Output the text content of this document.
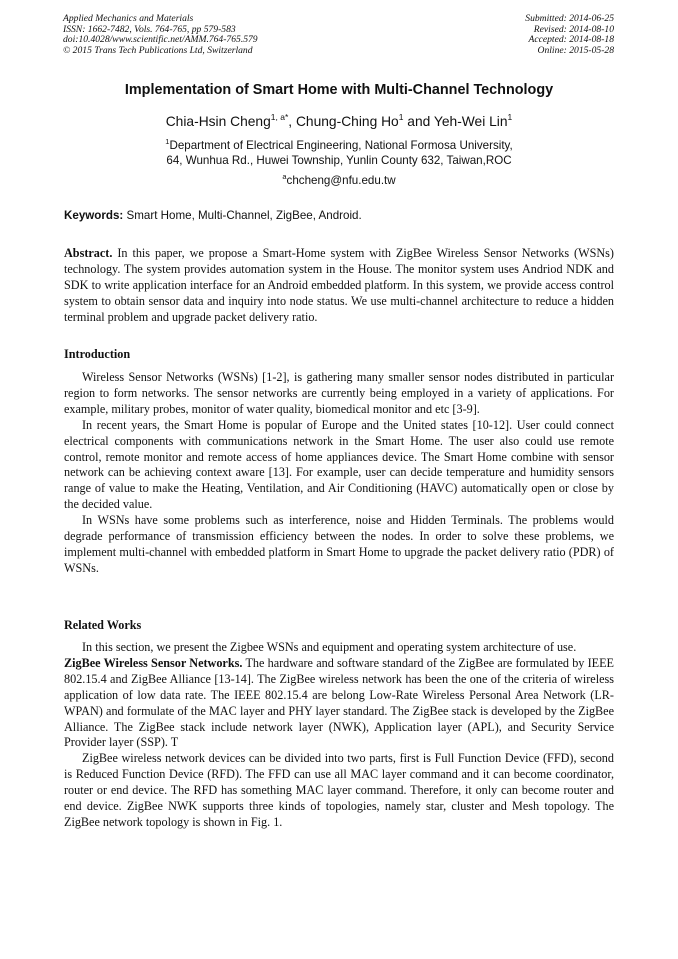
Applied Mechanics and Materials
ISSN: 1662-7482, Vols. 764-765, pp 579-583
doi:10.4028/www.scientific.net/AMM.764-765.579
© 2015 Trans Tech Publications Ltd, Switzerland
Submitted: 2014-06-25
Revised: 2014-08-10
Accepted: 2014-08-18
Online: 2015-05-28
Implementation of Smart Home with Multi-Channel Technology
Chia-Hsin Cheng$^{1, a*}$, Chung-Ching Ho$^1$ and Yeh-Wei Lin$^1$
$^1$Department of Electrical Engineering, National Formosa University,
64, Wunhua Rd., Huwei Township, Yunlin County 632, Taiwan,ROC
$^a$chcheng@nfu.edu.tw
Keywords: Smart Home, Multi-Channel, ZigBee, Android.

Abstract. In this paper, we propose a Smart-Home system with ZigBee Wireless Sensor Networks (WSNs) technology. The system provides automation system in the House. The monitor system uses Andriod NDK and SDK to write application interface for an Android embedded platform. In this system, we provide access control system to obtain sensor data and inquiry into node status. We use multi-channel architecture to reduce a hidden terminal problem and upgrade packet delivery ratio.

Introduction

Wireless Sensor Networks (WSNs) [1-2], is gathering many smaller sensor nodes distributed in particular region to form networks. The sensor networks are currently being employed in a variety of applications. For example, military probes, monitor of water quality, biomedical monitor and etc [3-9].

In recent years, the Smart Home is popular of Europe and the United states [10-12]. User could connect electrical components with communications network in the Smart Home. The user also could use remote control, remote monitor and remote access of home appliances device. The Smart Home combine with sensor network can be achieving context aware [13]. For example, user can decide temperature and humidity sensors range of value to make the Heating, Ventilation, and Air Conditioning (HAVC) automatically open or close by the decided value.

In WSNs have some problems such as interference, noise and Hidden Terminals. The problems would degrade performance of transmission efficiency between the nodes. In order to solve these problems, we implement multi-channel with embedded platform in Smart Home to upgrade the packet delivery ratio (PDR) of WSNs.

Related Works

In this section, we present the Zigbee WSNs and equipment and operating system architecture of use.

ZigBee Wireless Sensor Networks. The hardware and software standard of the ZigBee are formulated by IEEE 802.15.4 and ZigBee Alliance [13-14]. The ZigBee wireless network has been the one of the criteria of wireless application of low data rate. The IEEE 802.15.4 are belong Low-Rate Wireless Personal Area Network (LR-WPAN) and formulate of the MAC layer and PHY layer standard. The ZigBee stack is developed by the ZigBee Alliance. The ZigBee stack include network layer (NWK), Application layer (APL), and Security Service Provider layer (SSP). T

ZigBee wireless network devices can be divided into two parts, first is Full Function Device (FFD), second is Reduced Function Device (RFD). The FFD can use all MAC layer command and it can become coordinator, router or end device. The RFD has something MAC layer command. Therefore, it only can become router and end device. ZigBee NWK supports three kinds of topologies, namely star, cluster and Mesh topology. The ZigBee network topology is shown in Fig. 1.
